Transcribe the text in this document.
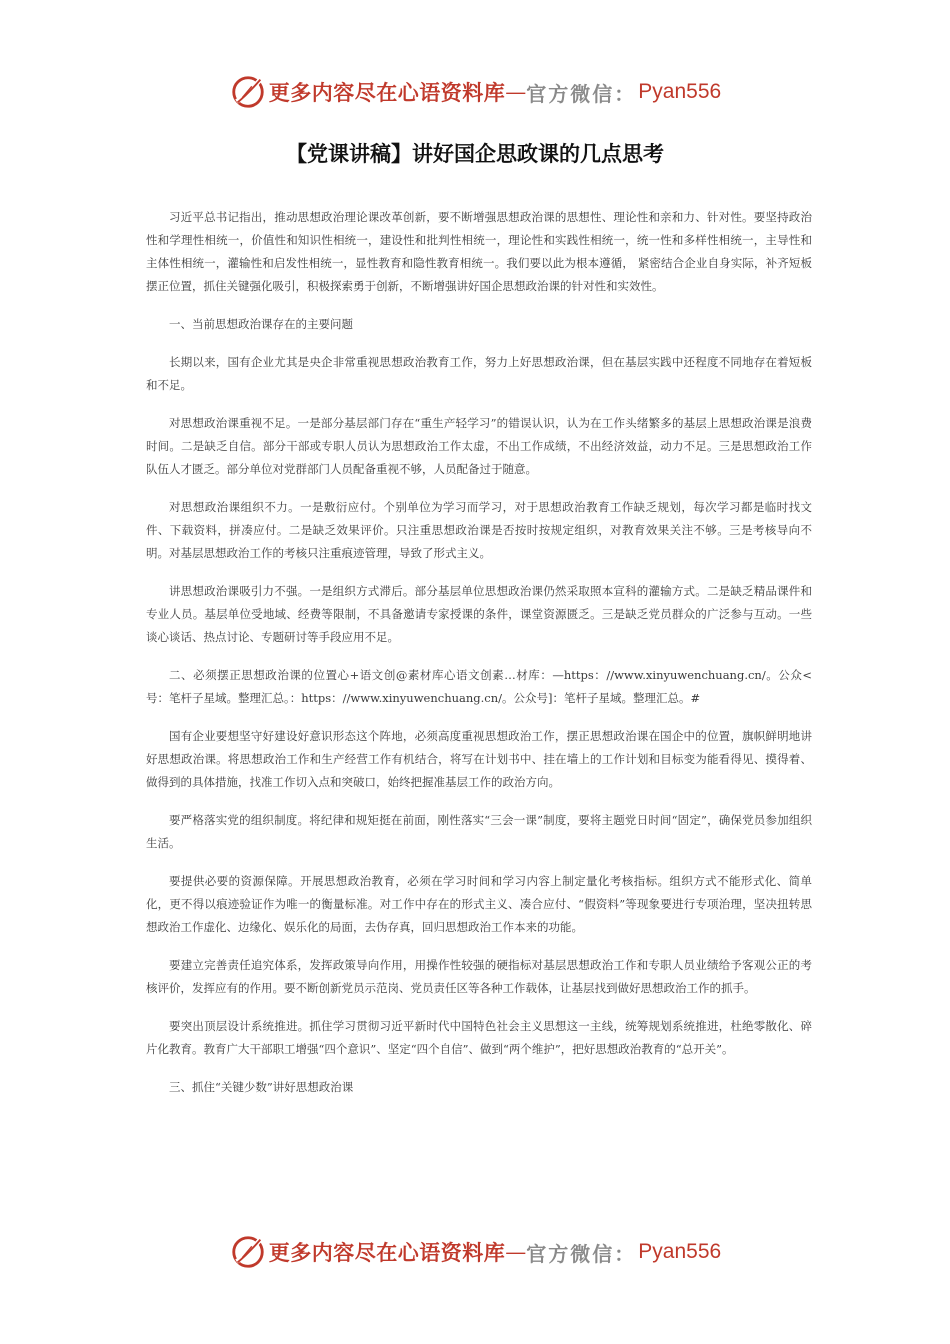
更多内容尽在心语资料库 — 官方微信： Pyan556
【党课讲稿】讲好国企思政课的几点思考

习近平总书记指出，推动思想政治理论课改革创新，要不断增强思想政治课的思想性、理论性和亲和力、针对性。要坚持政治性和学理性相统一，价值性和知识性相统一，建设性和批判性相统一，理论性和实践性相统一，统一性和多样性相统一，主导性和主体性相统一，灌输性和启发性相统一，显性教育和隐性教育相统一。我们要以此为根本遵循， 紧密结合企业自身实际，补齐短板摆正位置，抓住关键强化吸引，积极探索勇于创新，不断增强讲好国企思想政治课的针对性和实效性。

一、当前思想政治课存在的主要问题

长期以来，国有企业尤其是央企非常重视思想政治教育工作，努力上好思想政治课，但在基层实践中还程度不同地存在着短板和不足。

对思想政治课重视不足。一是部分基层部门存在“重生产轻学习”的错误认识，认为在工作头绪繁多的基层上思想政治课是浪费时间。二是缺乏自信。部分干部或专职人员认为思想政治工作太虚，不出工作成绩，不出经济效益，动力不足。三是思想政治工作队伍人才匮乏。部分单位对党群部门人员配备重视不够，人员配备过于随意。

对思想政治课组织不力。一是敷衍应付。个别单位为学习而学习，对于思想政治教育工作缺乏规划，每次学习都是临时找文件、下载资料，拼凑应付。二是缺乏效果评价。只注重思想政治课是否按时按规定组织，对教育效果关注不够。三是考核导向不明。对基层思想政治工作的考核只注重痕迹管理，导致了形式主义。

讲思想政治课吸引力不强。一是组织方式滞后。部分基层单位思想政治课仍然采取照本宣科的灌输方式。二是缺乏精品课件和专业人员。基层单位受地域、经费等限制，不具备邀请专家授课的条件，课堂资源匮乏。三是缺乏党员群众的广泛参与互动。一些谈心谈话、热点讨论、专题研讨等手段应用不足。

二、必须摆正思想政治课的位置心+语文创@素材库心语文创素…材库：—https：//www.xinyuwenchuang.cn/。公众<号：笔杆子星域。整理汇总。：https：//www.xinyuwenchuang.cn/。公众号]：笔杆子星域。整理汇总。#

国有企业要想坚守好建设好意识形态这个阵地，必须高度重视思想政治工作，摆正思想政治课在国企中的位置，旗帜鲜明地讲好思想政治课。将思想政治工作和生产经营工作有机结合，将写在计划书中、挂在墙上的工作计划和目标变为能看得见、摸得着、做得到的具体措施，找准工作切入点和突破口，始终把握准基层工作的政治方向。

要严格落实党的组织制度。将纪律和规矩挺在前面，刚性落实“三会一课”制度，要将主题党日时间“固定”，确保党员参加组织生活。

要提供必要的资源保障。开展思想政治教育，必须在学习时间和学习内容上制定量化考核指标。组织方式不能形式化、简单化，更不得以痕迹验证作为唯一的衡量标准。对工作中存在的形式主义、凑合应付、“假资料”等现象要进行专项治理，坚决扭转思想政治工作虚化、边缘化、娱乐化的局面，去伪存真，回归思想政治工作本来的功能。

要建立完善责任追究体系，发挥政策导向作用，用操作性较强的硬指标对基层思想政治工作和专职人员业绩给予客观公正的考核评价，发挥应有的作用。要不断创新党员示范岗、党员责任区等各种工作载体，让基层找到做好思想政治工作的抓手。

要突出顶层设计系统推进。抓住学习贯彻习近平新时代中国特色社会主义思想这一主线，统筹规划系统推进，杜绝零散化、碎片化教育。教育广大干部职工增强“四个意识”、坚定“四个自信”、做到“两个维护”，把好思想政治教育的“总开关”。

三、抓住“关键少数”讲好思想政治课

更多内容尽在心语资料库 — 官方微信： Pyan556
